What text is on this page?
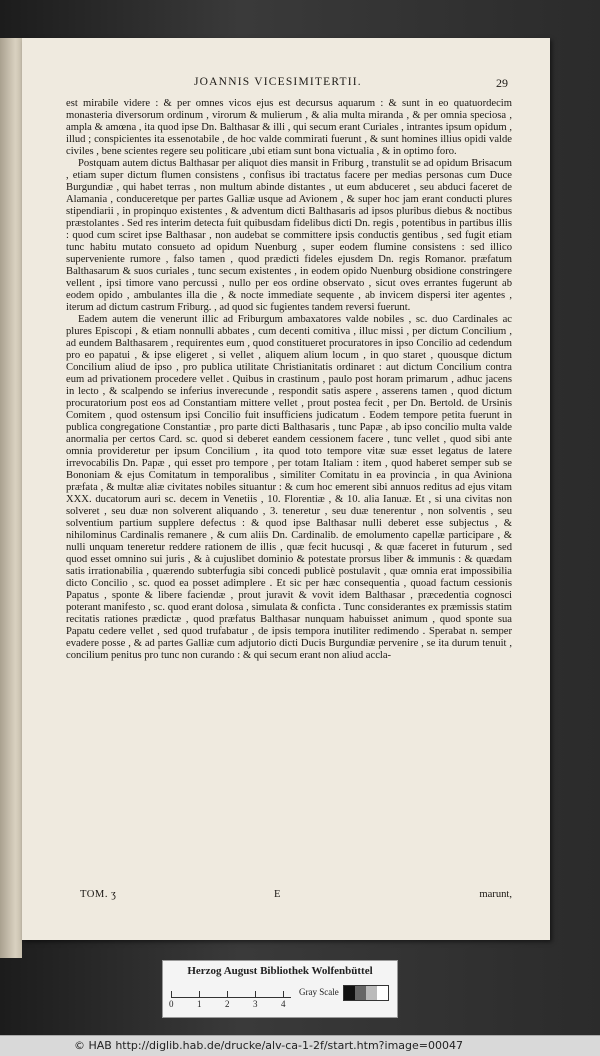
JOANNIS VICESIMITERTII.	29

est mirabile videre : & per omnes vicos ejus est decursus aquarum : & sunt in eo quatuordecim monasteria diversorum ordinum , virorum & mulierum , & alia multa miranda , & per omnia speciosa , ampla & amœna , ita quod ipse Dn. Balthasar & illi , qui secum erant Curiales , intrantes ipsum opidum , illud ; conspicientes ita essenotabile , de hoc valde commirati fuerunt , & sunt homines illius opidi valde civiles , bene scientes regere seu politicare ,ubi etiam sunt bona victualia , & in optimo foro.

Postquam autem dictus Balthasar per aliquot dies mansit in Friburg , transtulit se ad opidum Brisacum , etiam super dictum flumen consistens , confisus ibi tractatus facere per medias personas cum Duce Burgundiæ , qui habet terras , non multum abinde distantes , ut eum abduceret , seu abduci faceret de Alamania , conduceretque per partes Galliæ usque ad Avionem , & super hoc jam erant conducti plures stipendiarii , in propinquo existentes , & adventum dicti Balthasaris ad ipsos pluribus diebus & noctibus præstolantes . Sed res interim detecta fuit quibusdam fidelibus dicti Dn. regis , potentibus in partibus illis : quod cum sciret ipse Balthasar , non audebat se committere ipsis conductis gentibus , sed fugit etiam tunc habitu mutato consueto ad opidum Nuenburg , super eodem flumine consistens : sed illico superveniente rumore , falso tamen , quod prædicti fideles ejusdem Dn. regis Romanor. præfatum Balthasarum & suos curiales , tunc secum existentes , in eodem opido Nuenburg obsidione constringere vellent , ipsi timore vano percussi , nullo per eos ordine observato , sicut oves errantes fugerunt ab eodem opido , ambulantes illa die , & nocte immediate sequente , ab invicem dispersi iter agentes , iterum ad dictum castrum Friburg. , ad quod sic fugientes tandem reversi fuerunt.

Eadem autem die venerunt illic ad Friburgum ambaxatores valde nobiles , sc. duo Cardinales ac plures Episcopi , & etiam nonnulli abbates , cum decenti comitiva , illuc missi , per dictum Concilium , ad eundem Balthasarem , requirentes eum , quod constitueret procuratores in ipso Concilio ad cedendum pro eo papatui , & ipse eligeret , si vellet , aliquem alium locum , in quo staret , quousque dictum Concilium aliud de ipso , pro publica utilitate Christianitatis ordinaret : aut dictum Concilium contra eum ad privationem procedere vellet . Quibus in crastinum , paulo post horam primarum , adhuc jacens in lecto , & scalpendo se inferius inverecunde , respondit satis aspere , asserens tamen , quod dictum procuratorium post eos ad Constantiam mittere vellet , prout postea fecit , per Dn. Bertold. de Ursinis Comitem , quod ostensum ipsi Concilio fuit insufficiens judicatum . Eodem tempore petita fuerunt in publica congregatione Constantiæ , pro parte dicti Balthasaris , tunc Papæ , ab ipso concilio multa valde anormalia per certos Card. sc. quod si deberet eandem cessionem facere , tunc vellet , quod sibi ante omnia provideretur per ipsum Concilium , ita quod toto tempore vitæ suæ esset legatus de latere irrevocabilis Dn. Papæ , qui esset pro tempore , per totam Italiam : item , quod haberet semper sub se Bononiam & ejus Comitatum in temporalibus , similiter Comitatu in ea provincia , in qua Aviniona præfata , & multæ aliæ civitates nobiles situantur : & cum hoc emerent sibi annuos reditus ad ejus vitam XXX. ducatorum auri sc. decem in Venetiis , 10. Florentiæ , & 10. alia Ianuæ. Et , si una civitas non solveret , seu duæ non solverent aliquando , 3. teneretur , seu duæ tenerentur , non solventis , seu solventium partium supplere defectus : & quod ipse Balthasar nulli deberet esse subjectus , & nihilominus Cardinalis remanere , & cum aliis Dn. Cardinalib. de emolumento capellæ participare , & nulli unquam teneretur reddere rationem de illis , quæ fecit hucusqi , & quæ faceret in futurum , sed quod esset omnino sui juris , & à cujuslibet dominio & potestate prorsus liber & immunis : & quædam satis irrationabilia , quærendo subterfugia sibi concedi publicè postulavit , quæ omnia erat impossibilia dicto Concilio , sc. quod ea posset adimplere . Et sic per hæc consequentia , quoad factum cessionis Papatus , sponte & libere faciendæ , prout juravit & vovit idem Balthasar , præcedentia cognosci poterant manifesto , sc. quod erant dolosa , simulata & conficta . Tunc considerantes ex præmissis statim recitatis rationes prædictæ , quod præfatus Balthasar nunquam habuisset animum , quod sponte sua Papatu cedere vellet , sed quod trufabatur , de ipsis tempora inutiliter redimendo . Sperabat n. semper evadere posse , & ad partes Galliæ cum adjutorio dicti Ducis Burgundiæ pervenire , se ita durum tenuit , concilium penitus pro tunc non curando : & qui secum erant non aliud accla-

TOM. ʒ	E	marunt,
Herzog August Bibliothek Wolfenbüttel
0	1	2	3	4
Gray Scale
© HAB http://diglib.hab.de/drucke/alv-ca-1-2f/start.htm?image=00047
